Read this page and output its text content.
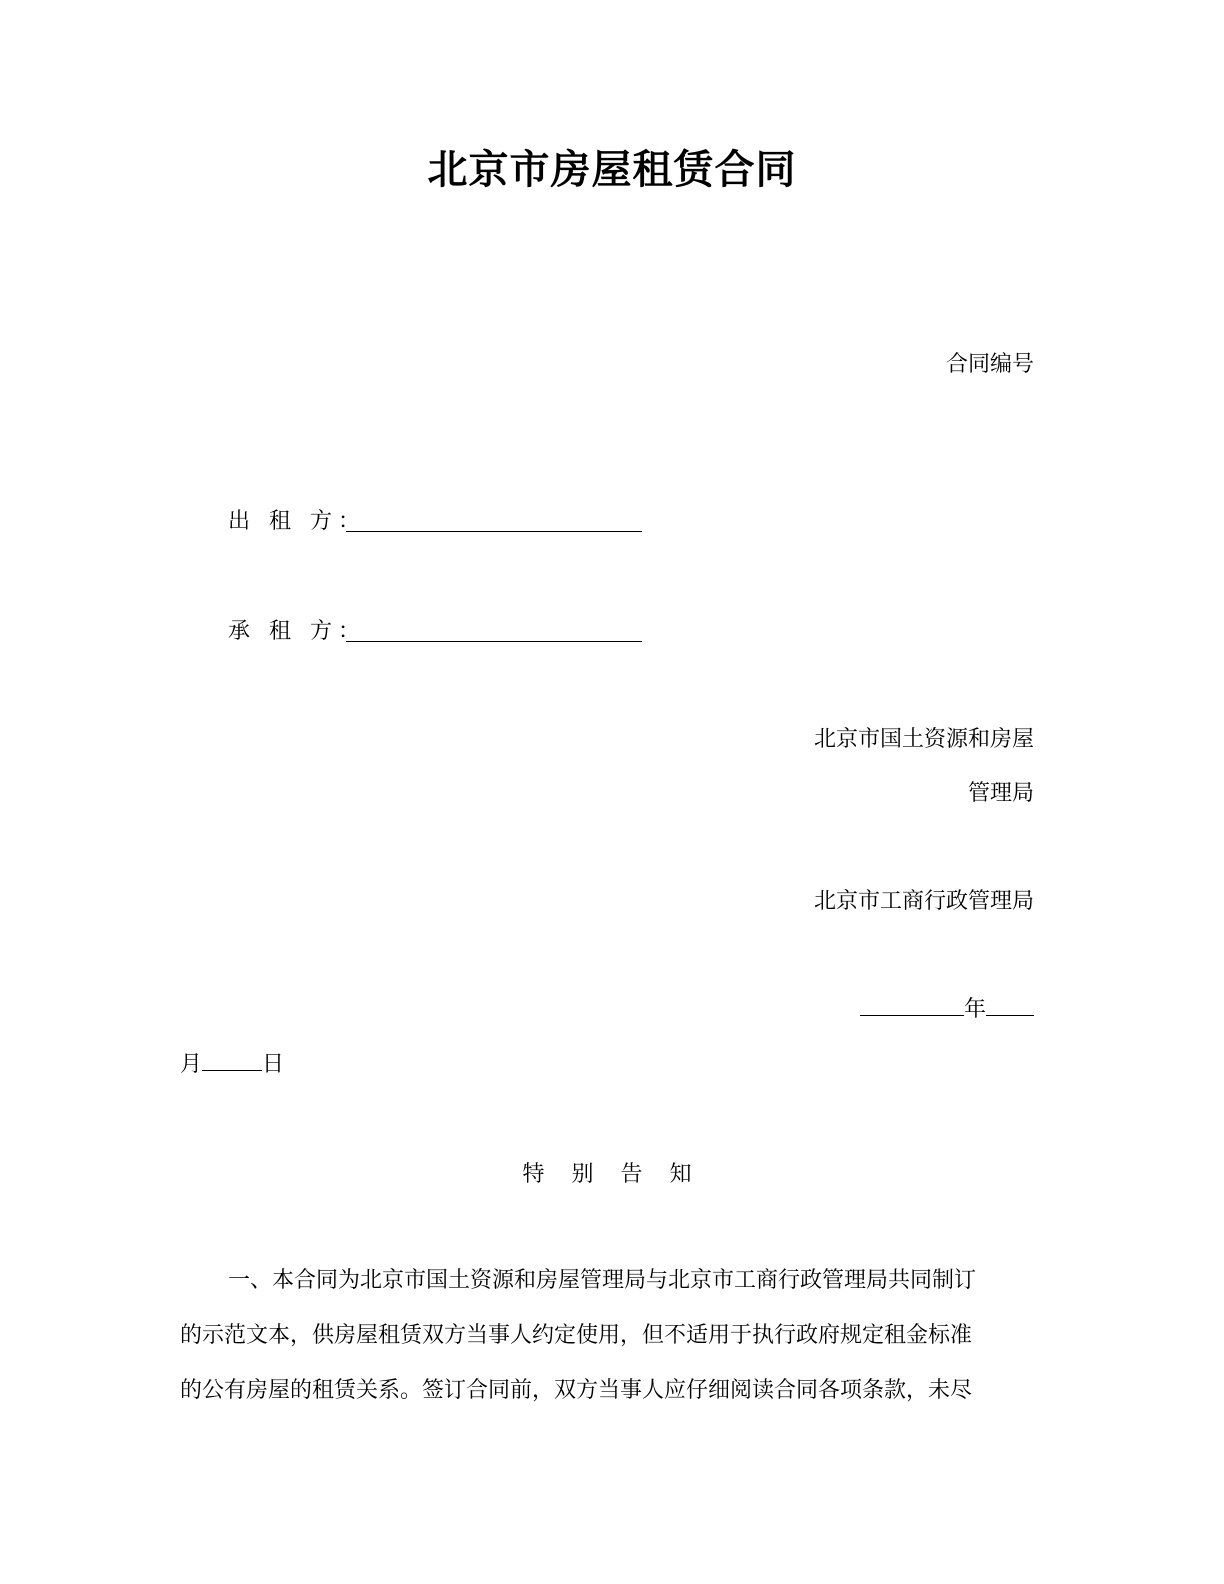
北京市房屋租赁合同
合同编号
出 租 方：
承 租 方：
北京市国土资源和房屋
管理局
北京市工商行政管理局
年
月	日
特 别 告 知
一、本合同为北京市国土资源和房屋管理局与北京市工商行政管理局共同制订
的示范文本，供房屋租赁双方当事人约定使用，但不适用于执行政府规定租金标准
的公有房屋的租赁关系。签订合同前，双方当事人应仔细阅读合同各项条款，未尽
